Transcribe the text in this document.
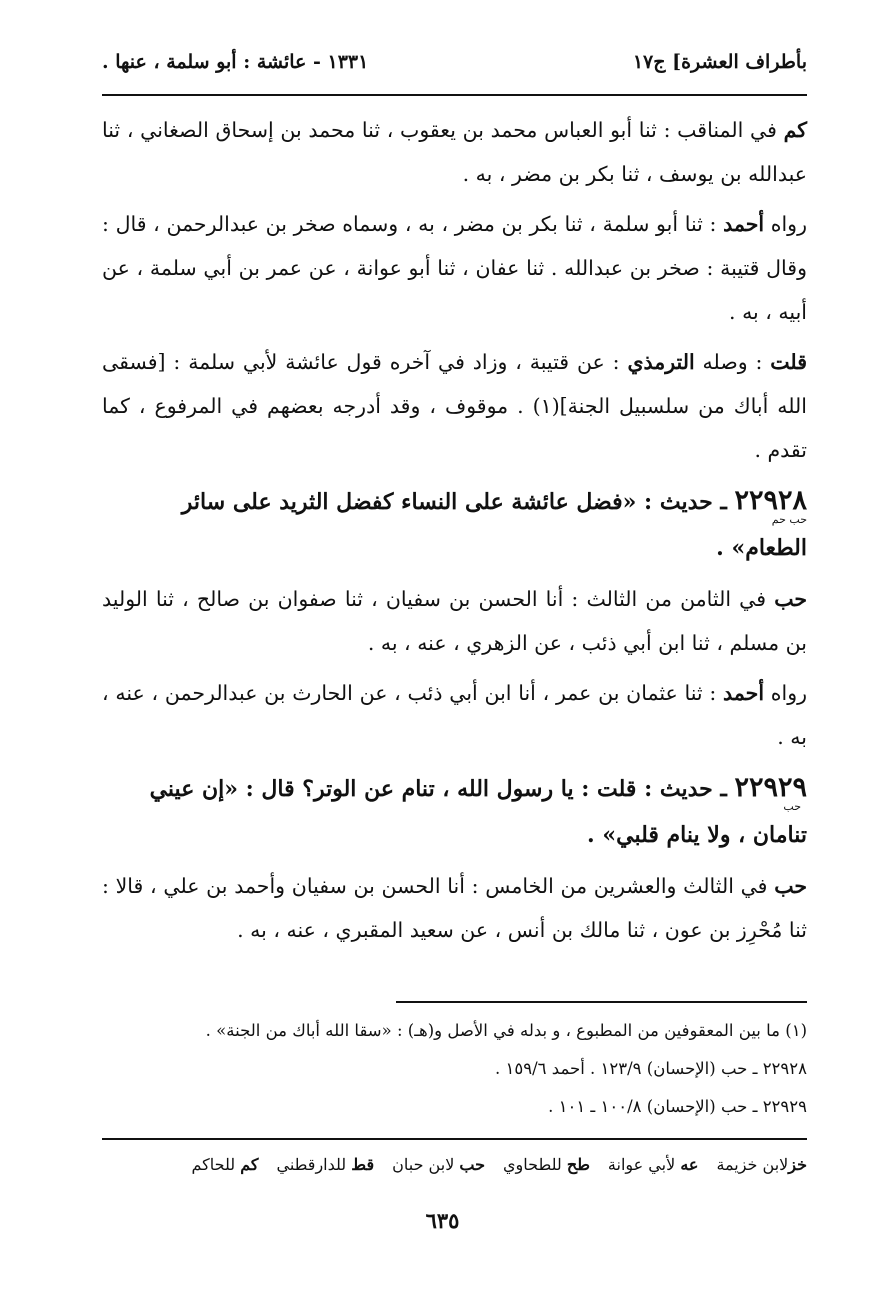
بأطراف العشرة] ج١٧
١٣٣١ - عائشة : أبو سلمة ، عنها .

كم في المناقب : ثنا أبو العباس محمد بن يعقوب ، ثنا محمد بن إسحاق الصغاني ، ثنا عبدالله بن يوسف ، ثنا بكر بن مضر ، به .

رواه أحمد : ثنا أبو سلمة ، ثنا بكر بن مضر ، به ، وسماه صخر بن عبدالرحمن ، قال : وقال قتيبة : صخر بن عبدالله . ثنا عفان ، ثنا أبو عوانة ، عن عمر بن أبي سلمة ، عن أبيه ، به .

قلت : وصله الترمذي : عن قتيبة ، وزاد في آخره قول عائشة لأبي سلمة : [فسقى الله أباك من سلسبيل الجنة](١) . موقوف ، وقد أدرجه بعضهم في المرفوع ، كما تقدم .

٢٢٩٢٨ ـ حديث : «فضل عائشة على النساء كفضل الثريد على سائر الطعام» .
حب حم

حب في الثامن من الثالث : أنا الحسن بن سفيان ، ثنا صفوان بن صالح ، ثنا الوليد بن مسلم ، ثنا ابن أبي ذئب ، عن الزهري ، عنه ، به .

رواه أحمد : ثنا عثمان بن عمر ، أنا ابن أبي ذئب ، عن الحارث بن عبدالرحمن ، عنه ، به .

٢٢٩٢٩ ـ حديث : قلت : يا رسول الله ، تنام عن الوتر؟ قال : «إن عيني تنامان ، ولا ينام قلبي» .
حب

حب في الثالث والعشرين من الخامس : أنا الحسن بن سفيان وأحمد بن علي ، قالا : ثنا مُحْرِز بن عون ، ثنا مالك بن أنس ، عن سعيد المقبري ، عنه ، به .

(١) ما بين المعقوفين من المطبوع ، و بدله في الأصل و(هـ) : «سقا الله أباك من الجنة» .

٢٢٩٢٨ ـ حب (الإحسان) ١٢٣/٩ . أحمد ١٥٩/٦ .

٢٢٩٢٩ ـ حب (الإحسان) ١٠٠/٨ ـ ١٠١ .

خزلابن خزيمة
عه لأبي عوانة
طح للطحاوي
حب لابن حبان
قط للدارقطني
كم للحاكم
٦٣٥
